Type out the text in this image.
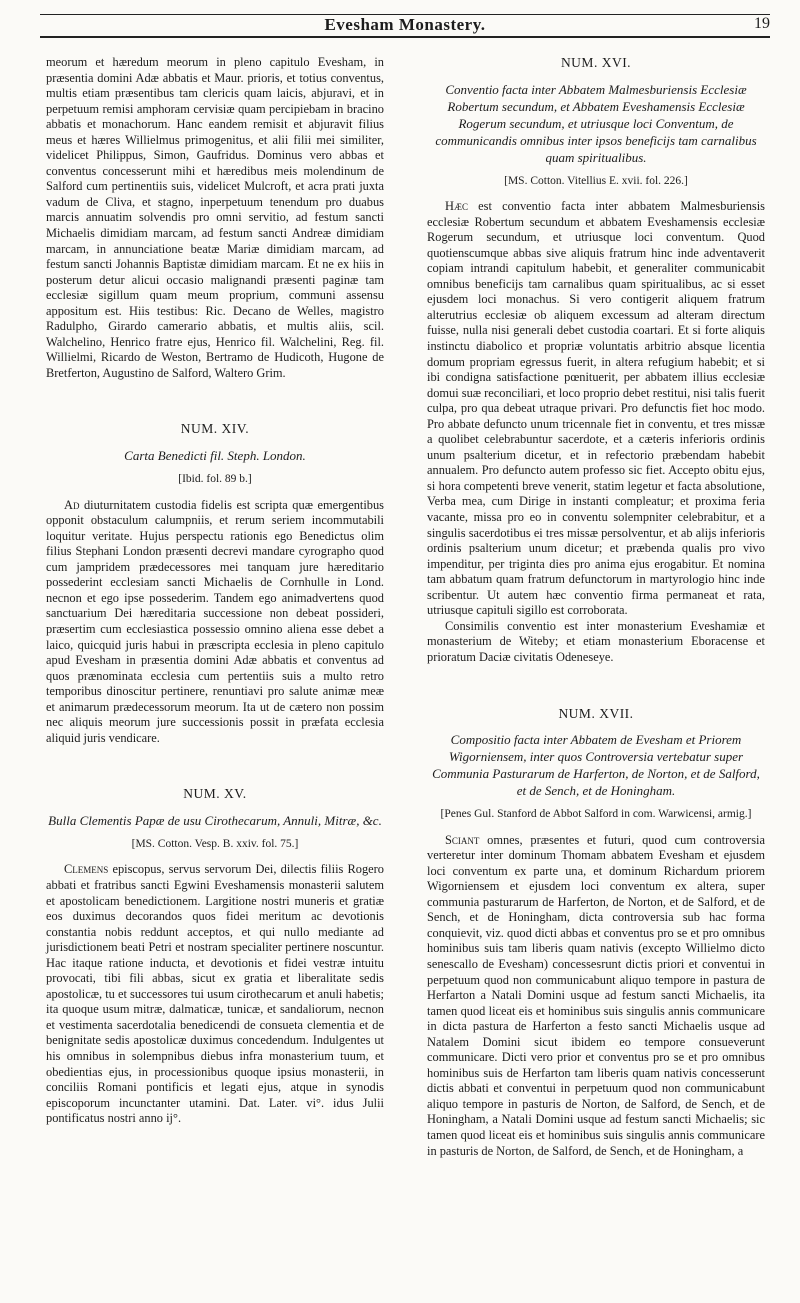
Evesham Monastery.	19

meorum et hæredum meorum in pleno capitulo Evesham, in præsentia domini Adæ abbatis et Maur. prioris, et totius conventus, multis etiam præsentibus tam clericis quam laicis, abjuravi, et in perpetuum remisi amphoram cervisiæ quam percipiebam in bracino abbatis et monachorum. Hanc eandem remisit et abjuravit filius meus et hæres Willielmus primogenitus, et alii filii mei similiter, videlicet Philippus, Simon, Gaufridus. Dominus vero abbas et conventus concesserunt mihi et hæredibus meis molendinum de Salford cum pertinentiis suis, videlicet Mulcroft, et acra prati juxta vadum de Cliva, et stagno, inperpetuum tenendum pro duabus marcis annuatim solvendis pro omni servitio, ad festum sancti Michaelis dimidiam marcam, ad festum sancti Andreæ dimidiam marcam, in annunciatione beatæ Mariæ dimidiam marcam, ad festum sancti Johannis Baptistæ dimidiam marcam. Et ne ex hiis in posterum detur alicui occasio malignandi præsenti paginæ tam ecclesiæ sigillum quam meum proprium, communi assensu appositum est. Hiis testibus: Ric. Decano de Welles, magistro Radulpho, Girardo camerario abbatis, et multis aliis, scil. Walchelino, Henrico fratre ejus, Henrico fil. Walchelini, Reg. fil. Willielmi, Ricardo de Weston, Bertramo de Hudicoth, Hugone de Bretferton, Augustino de Salford, Waltero Grim.

NUM. XIV.
Carta Benedicti fil. Steph. London.
[Ibid. fol. 89 b.]

Ad diuturnitatem custodia fidelis est scripta quæ emergentibus opponit obstaculum calumpniis, et rerum seriem incommutabili loquitur veritate. Hujus perspectu rationis ego Benedictus olim filius Stephani London præsenti decrevi mandare cyrographo quod cum jampridem prædecessores mei tanquam jure hæreditario possederint ecclesiam sancti Michaelis de Cornhulle in Lond. necnon et ego ipse possederim. Tandem ego animadvertens quod sanctuarium Dei hæreditaria successione non debeat possideri, præsertim cum ecclesiastica possessio omnino aliena esse debet a laico, quicquid juris habui in præscripta ecclesia in pleno capitulo apud Evesham in præsentia domini Adæ abbatis et conventus ad quos prænominata ecclesia cum pertentiis suis a multo retro temporibus dinoscitur pertinere, renuntiavi pro salute animæ meæ et animarum prædecessorum meorum. Ita ut de cætero non possim nec aliquis meorum jure successionis possit in præfata ecclesia aliquid juris vendicare.

NUM. XV.
Bulla Clementis Papæ de usu Cirothecarum, Annuli, Mitræ, &c.
[MS. Cotton. Vesp. B. xxiv. fol. 75.]

Clemens episcopus, servus servorum Dei, dilectis filiis Rogero abbati et fratribus sancti Egwini Eveshamensis monasterii salutem et apostolicam benedictionem. Largitione nostri muneris et gratiæ eos duximus decorandos quos fidei meritum ac devotionis constantia nobis reddunt acceptos, et qui nullo mediante ad jurisdictionem beati Petri et nostram specialiter pertinere noscuntur. Hac itaque ratione inducta, et devotionis et fidei vestræ intuitu provocati, tibi fili abbas, sicut ex gratia et liberalitate sedis apostolicæ, tu et successores tui usum cirothecarum et anuli habetis; ita quoque usum mitræ, dalmaticæ, tunicæ, et sandaliorum, necnon et vestimenta sacerdotalia benedicendi de consueta clementia et de benignitate sedis apostolicæ duximus concedendum. Indulgentes ut his omnibus in solempnibus diebus infra monasterium tuum, et obedientias ejus, in processionibus quoque ipsius monasterii, in conciliis Romani pontificis et legati ejus, atque in synodis episcoporum incunctanter utamini. Dat. Later. vi°. idus Julii pontificatus nostri anno ij°.

NUM. XVI.
Conventio facta inter Abbatem Malmesburiensis Ecclesiæ Robertum secundum, et Abbatem Eveshamensis Ecclesiæ Rogerum secundum, et utriusque loci Conventum, de communicandis omnibus inter ipsos beneficijs tam carnalibus quam spiritualibus.
[MS. Cotton. Vitellius E. xvii. fol. 226.]

Hæc est conventio facta inter abbatem Malmesburiensis ecclesiæ Robertum secundum et abbatem Eveshamensis ecclesiæ Rogerum secundum, et utriusque loci conventum. Quod quotienscumque abbas sive aliquis fratrum hinc inde adventaverit copiam intrandi capitulum habebit, et generaliter communicabit omnibus beneficijs tam carnalibus quam spiritualibus, ac si esset ejusdem loci monachus. Si vero contigerit aliquem fratrum alterutrius ecclesiæ ob aliquem excessum ad alteram directum fuisse, nulla nisi generali debet custodia coartari. Et si forte aliquis instinctu diabolico et propriæ voluntatis arbitrio absque licentia domum propriam egressus fuerit, in altera refugium habebit; et si ibi condigna satisfactione pœnituerit, per abbatem illius ecclesiæ domui suæ reconciliari, et loco proprio debet restitui, nisi talis fuerit culpa, pro qua debeat utraque privari. Pro defunctis fiet hoc modo. Pro abbate defuncto unum tricennale fiet in conventu, et tres missæ a quolibet celebrabuntur sacerdote, et a cæteris inferioris ordinis unum psalterium dicetur, et in refectorio præbendam habebit annualem. Pro defuncto autem professo sic fiet. Accepto obitu ejus, si hora competenti breve venerit, statim legetur et facta absolutione, Verba mea, cum Dirige in instanti compleatur; et proxima feria vacante, missa pro eo in conventu solempniter celebrabitur, et a singulis sacerdotibus ei tres missæ persolventur, et ab alijs inferioris ordinis psalterium unum dicetur; et præbenda qualis pro vivo impenditur, per triginta dies pro anima ejus erogabitur. Et nomina tam abbatum quam fratrum defunctorum in martyrologio hinc inde scribentur. Ut autem hæc conventio firma permaneat et rata, utriusque capituli sigillo est corroborata.

Consimilis conventio est inter monasterium Eveshamiæ et monasterium de Witeby; et etiam monasterium Eboracense et prioratum Daciæ civitatis Odeneseye.

NUM. XVII.
Compositio facta inter Abbatem de Evesham et Priorem Wigorniensem, inter quos Controversia vertebatur super Communia Pasturarum de Harferton, de Norton, et de Salford, et de Sench, et de Honingham.
[Penes Gul. Stanford de Abbot Salford in com. Warwicensi, armig.]

Sciant omnes, præsentes et futuri, quod cum controversia verteretur inter dominum Thomam abbatem Evesham et ejusdem loci conventum ex parte una, et dominum Richardum priorem Wigorniensem et ejusdem loci conventum ex altera, super communia pasturarum de Harferton, de Norton, et de Salford, et de Sench, et de Honingham, dicta controversia sub hac forma conquievit, viz. quod dicti abbas et conventus pro se et pro omnibus hominibus suis tam liberis quam nativis (excepto Willielmo dicto senescallo de Evesham) concessesrunt dictis priori et conventui in perpetuum quod non communicabunt aliquo tempore in pastura de Herfarton a Natali Domini usque ad festum sancti Michaelis, ita tamen quod liceat eis et hominibus suis singulis annis communicare in dicta pastura de Harferton a festo sancti Michaelis usque ad Natalem Domini sicut ibidem eo tempore consueverunt communicare. Dicti vero prior et conventus pro se et pro omnibus hominibus suis de Herfarton tam liberis quam nativis concesserunt dictis abbati et conventui in perpetuum quod non communicabunt aliquo tempore in pasturis de Norton, de Salford, de Sench, et de Honingham, a Natali Domini usque ad festum sancti Michaelis; sic tamen quod liceat eis et hominibus suis singulis annis communicare in pasturis de Norton, de Salford, de Sench, et de Honingham, a
